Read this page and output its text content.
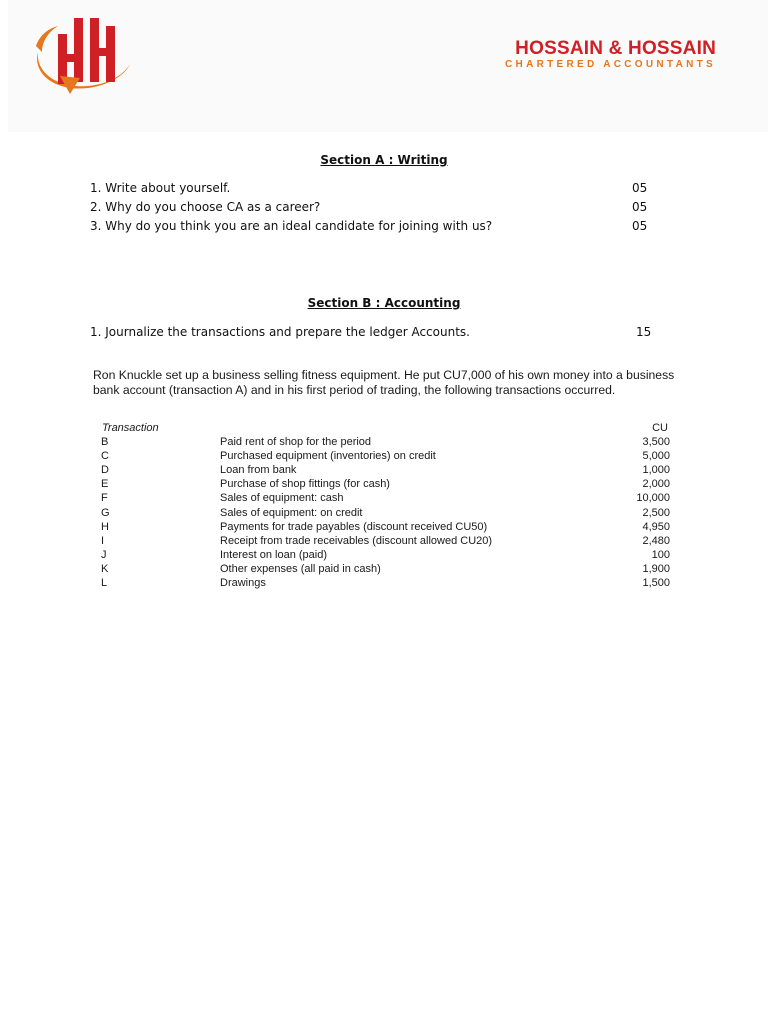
HOSSAIN & HOSSAIN
CHARTERED ACCOUNTANTS
Section A : Writing
1. Write about yourself.	05
2. Why do you choose CA as a career?	05
3. Why do you think you are an ideal candidate for joining with us?	05
Section B : Accounting
1. Journalize the transactions and prepare the ledger Accounts.	15
Ron Knuckle set up a business selling fitness equipment. He put CU7,000 of his own money into a business
bank account (transaction A) and in his first period of trading, the following transactions occurred.
Transaction	CU
B	Paid rent of shop for the period	3,500
C	Purchased equipment (inventories) on credit	5,000
D	Loan from bank	1,000
E	Purchase of shop fittings (for cash)	2,000
F	Sales of equipment: cash	10,000
G	Sales of equipment: on credit	2,500
H	Payments for trade payables (discount received CU50)	4,950
I	Receipt from trade receivables (discount allowed CU20)	2,480
J	Interest on loan (paid)	100
K	Other expenses (all paid in cash)	1,900
L	Drawings	1,500
